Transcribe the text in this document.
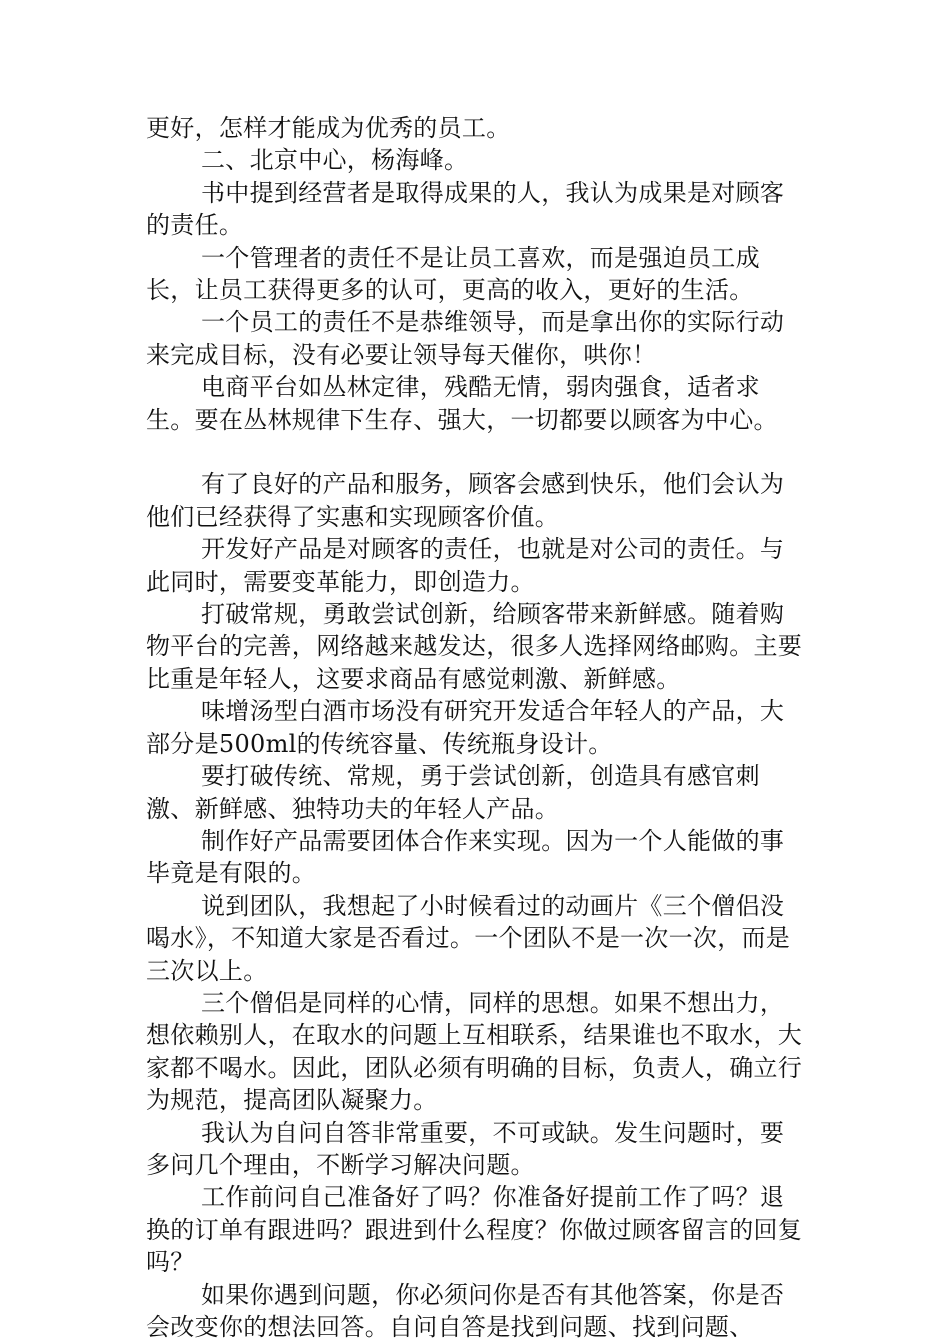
更好，怎样才能成为优秀的员工。

二、北京中心，杨海峰。

书中提到经营者是取得成果的人，我认为成果是对顾客的责任。

一个管理者的责任不是让员工喜欢，而是强迫员工成长，让员工获得更多的认可，更高的收入，更好的生活。

一个员工的责任不是恭维领导，而是拿出你的实际行动来完成目标，没有必要让领导每天催你，哄你！

电商平台如丛林定律，残酷无情，弱肉强食，适者求生。要在丛林规律下生存、强大，一切都要以顾客为中心。

有了良好的产品和服务，顾客会感到快乐，他们会认为他们已经获得了实惠和实现顾客价值。

开发好产品是对顾客的责任，也就是对公司的责任。与此同时，需要变革能力，即创造力。

打破常规，勇敢尝试创新，给顾客带来新鲜感。随着购物平台的完善，网络越来越发达，很多人选择网络邮购。主要比重是年轻人，这要求商品有感觉刺激、新鲜感。

味增汤型白酒市场没有研究开发适合年轻人的产品，大部分是500ml的传统容量、传统瓶身设计。

要打破传统、常规，勇于尝试创新，创造具有感官刺激、新鲜感、独特功夫的年轻人产品。

制作好产品需要团体合作来实现。因为一个人能做的事毕竟是有限的。

说到团队，我想起了小时候看过的动画片《三个僧侣没喝水》，不知道大家是否看过。一个团队不是一次一次，而是三次以上。

三个僧侣是同样的心情，同样的思想。如果不想出力，想依赖别人，在取水的问题上互相联系，结果谁也不取水，大家都不喝水。因此，团队必须有明确的目标，负责人，确立行为规范，提高团队凝聚力。

我认为自问自答非常重要，不可或缺。发生问题时，要多问几个理由，不断学习解决问题。

工作前问自己准备好了吗？你准备好提前工作了吗？退换的订单有跟进吗？跟进到什么程度？你做过顾客留言的回复吗？

如果你遇到问题，你必须问你是否有其他答案，你是否会改变你的想法回答。自问自答是找到问题、找到问题、
